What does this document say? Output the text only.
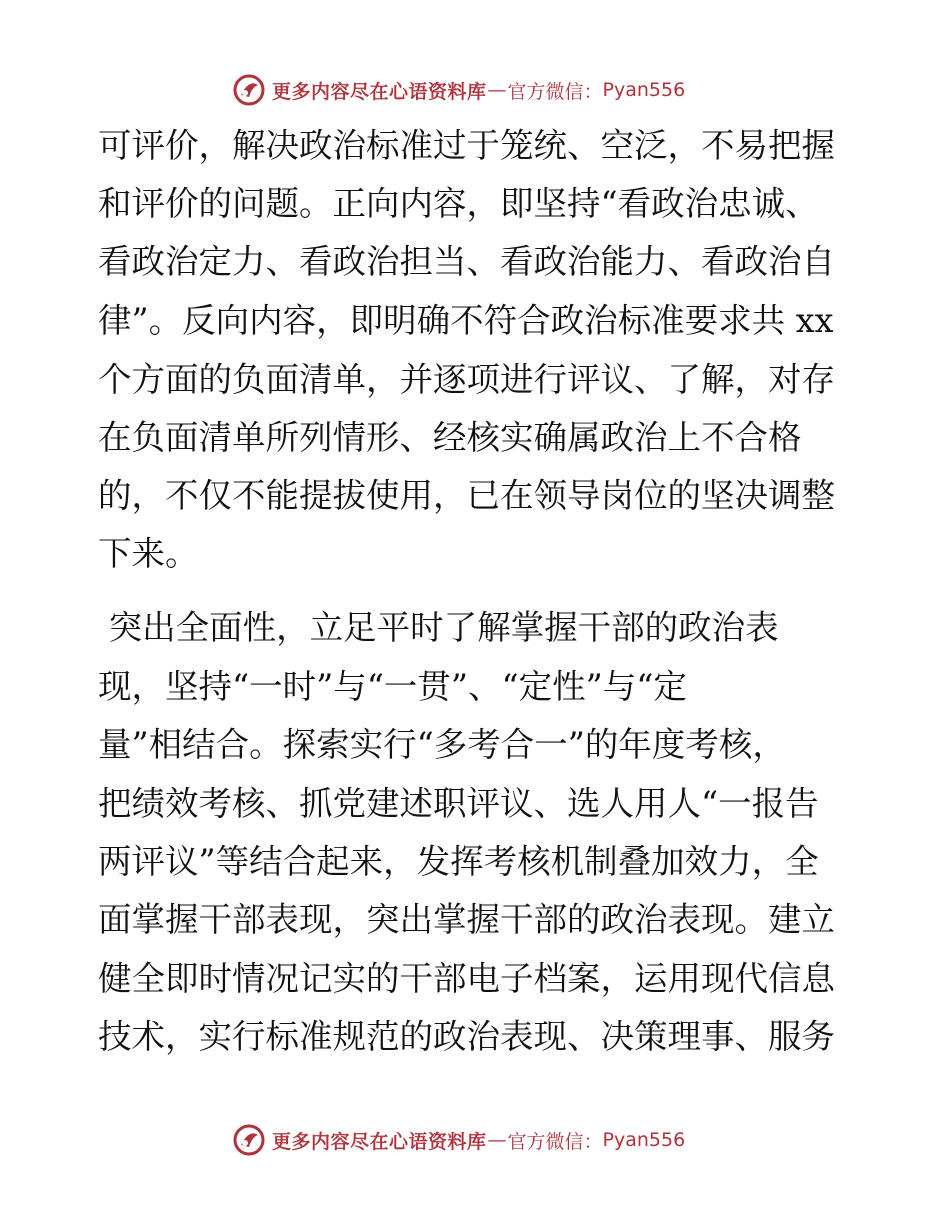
更多内容尽在心语资料库 — 官方微信： Pyan556
可评价，解决政治标准过于笼统、空泛，不易把握
和评价的问题。正向内容，即坚持“看政治忠诚、
看政治定力、看政治担当、看政治能力、看政治自
律”。反向内容，即明确不符合政治标准要求共 xx
个方面的负面清单，并逐项进行评议、了解，对存
在负面清单所列情形、经核实确属政治上不合格
的，不仅不能提拔使用，已在领导岗位的坚决调整
下来。
突出全面性，立足平时了解掌握干部的政治表
现，坚持“一时”与“一贯”、“定性”与“定
量”相结合。探索实行“多考合一”的年度考核，
把绩效考核、抓党建述职评议、选人用人“一报告
两评议”等结合起来，发挥考核机制叠加效力，全
面掌握干部表现，突出掌握干部的政治表现。建立
健全即时情况记实的干部电子档案，运用现代信息
技术，实行标准规范的政治表现、决策理事、服务
更多内容尽在心语资料库 — 官方微信： Pyan556
